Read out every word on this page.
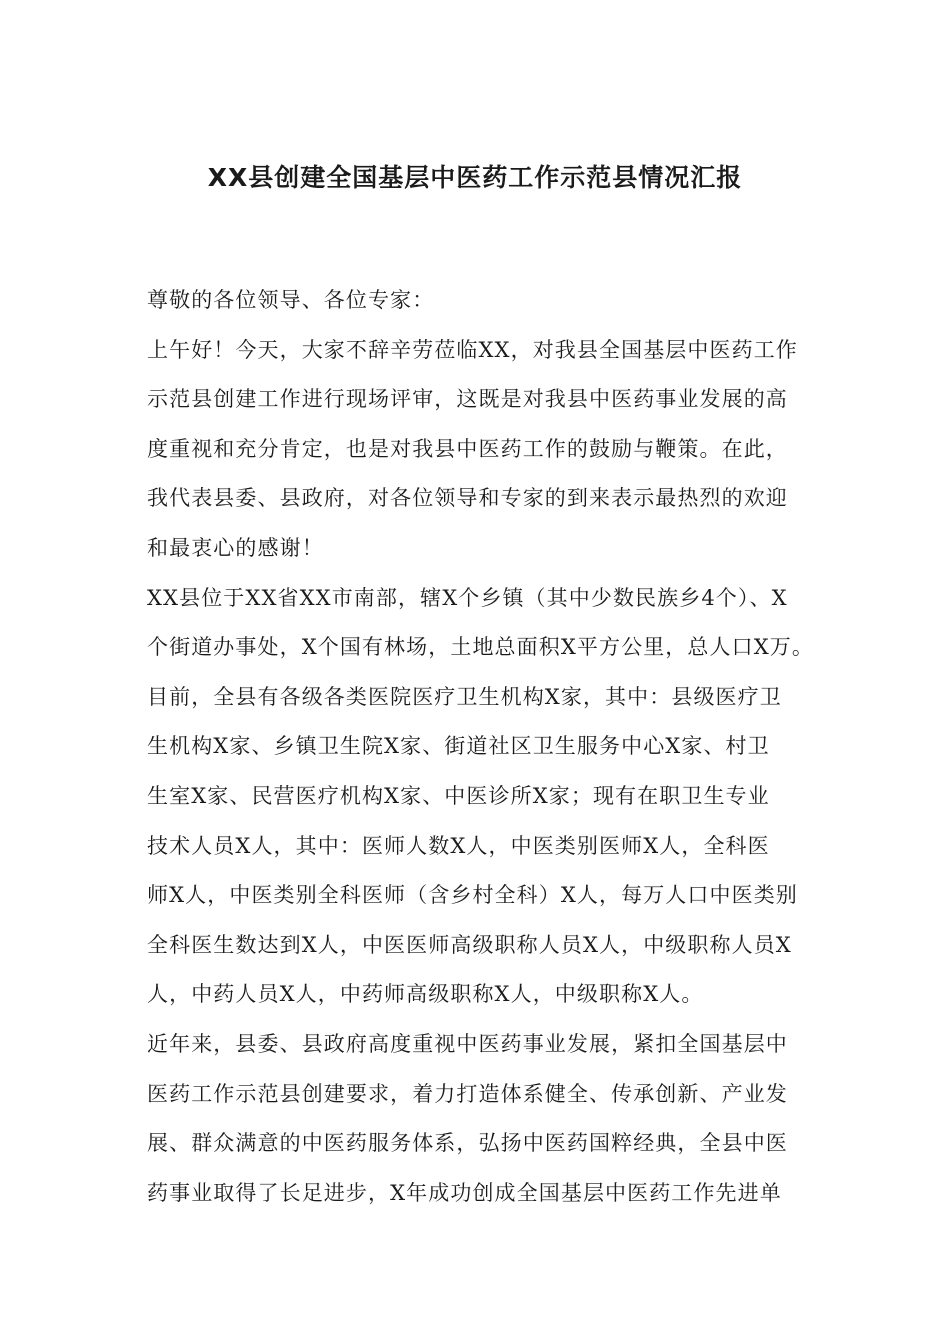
XX县创建全国基层中医药工作示范县情况汇报

尊敬的各位领导、各位专家：

上午好！今天，大家不辞辛劳莅临XX，对我县全国基层中医药工作

示范县创建工作进行现场评审，这既是对我县中医药事业发展的高

度重视和充分肯定，也是对我县中医药工作的鼓励与鞭策。在此，

我代表县委、县政府，对各位领导和专家的到来表示最热烈的欢迎

和最衷心的感谢！

XX县位于XX省XX市南部，辖X个乡镇（其中少数民族乡4个）、X

个街道办事处，X个国有林场，土地总面积X平方公里，总人口X万。

目前，全县有各级各类医院医疗卫生机构X家，其中：县级医疗卫

生机构X家、乡镇卫生院X家、街道社区卫生服务中心X家、村卫

生室X家、民营医疗机构X家、中医诊所X家；现有在职卫生专业

技术人员X人，其中：医师人数X人，中医类别医师X人，全科医

师X人，中医类别全科医师（含乡村全科）X人，每万人口中医类别

全科医生数达到X人，中医医师高级职称人员X人，中级职称人员X

人，中药人员X人，中药师高级职称X人，中级职称X人。

近年来，县委、县政府高度重视中医药事业发展，紧扣全国基层中

医药工作示范县创建要求，着力打造体系健全、传承创新、产业发

展、群众满意的中医药服务体系，弘扬中医药国粹经典，全县中医

药事业取得了长足进步，X年成功创成全国基层中医药工作先进单
